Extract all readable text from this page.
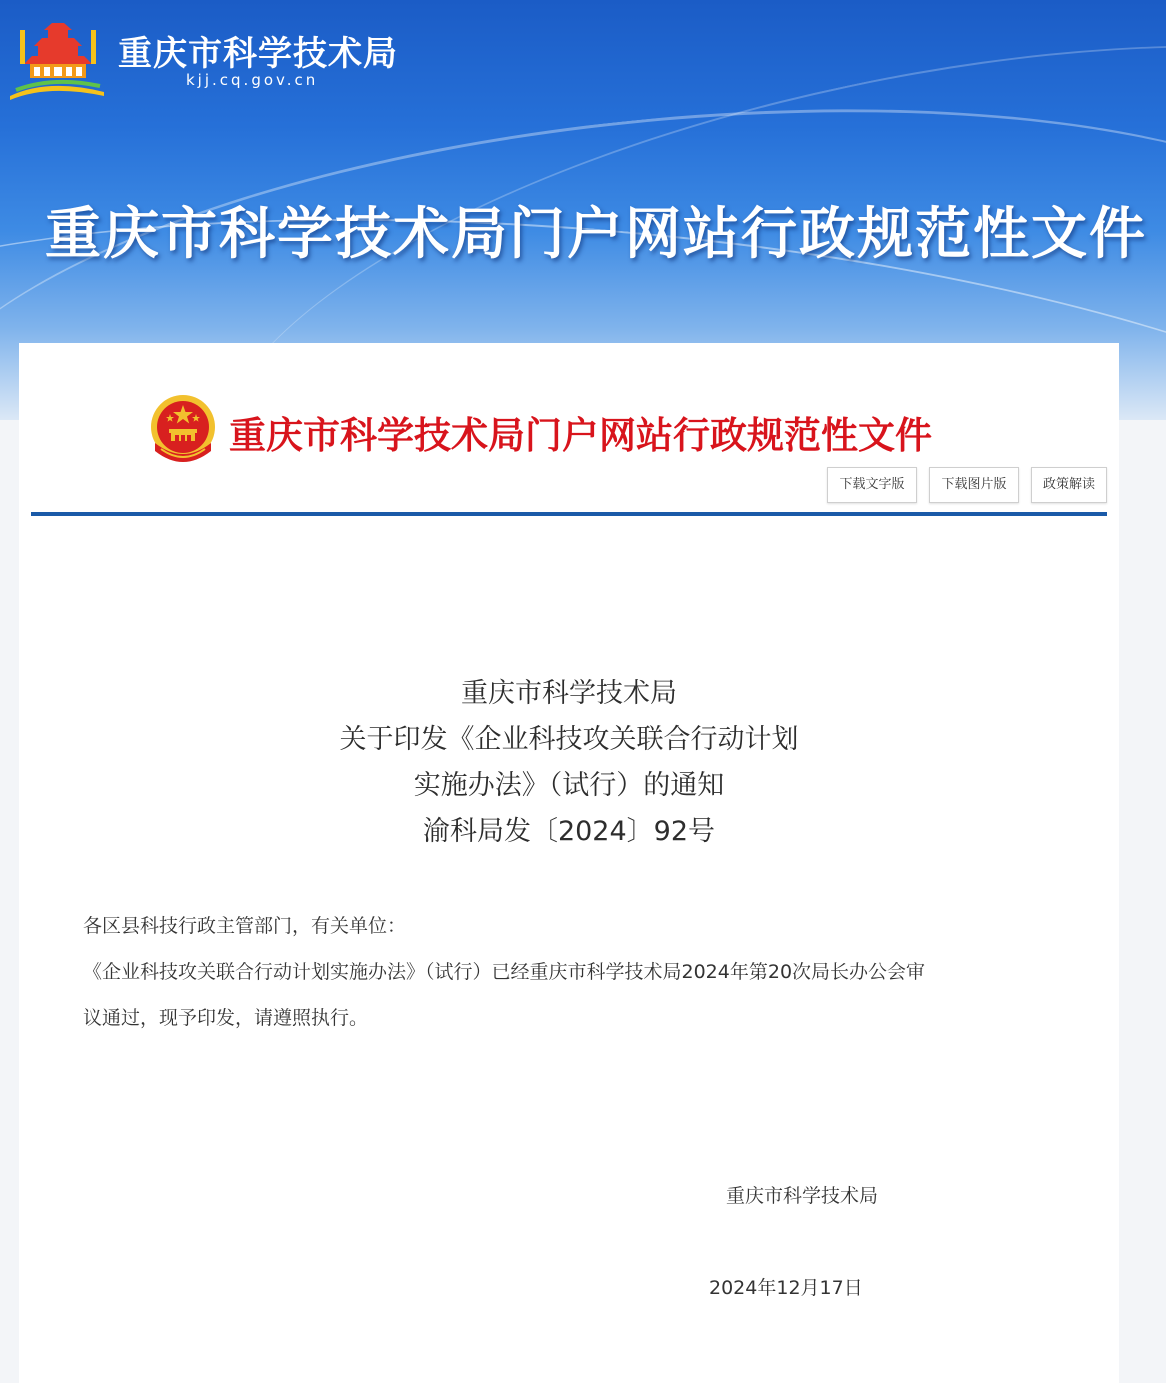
重庆市科学技术局
kjj.cq.gov.cn
重庆市科学技术局门户网站行政规范性文件
重庆市科学技术局门户网站行政规范性文件
下载文字版	下载图片版	政策解读
重庆市科学技术局
关于印发《企业科技攻关联合行动计划
实施办法》（试行）的通知
渝科局发〔2024〕92号
各区县科技行政主管部门，有关单位：
《企业科技攻关联合行动计划实施办法》（试行）已经重庆市科学技术局2024年第20次局长办公会审
议通过，现予印发，请遵照执行。
重庆市科学技术局
2024年12月17日
